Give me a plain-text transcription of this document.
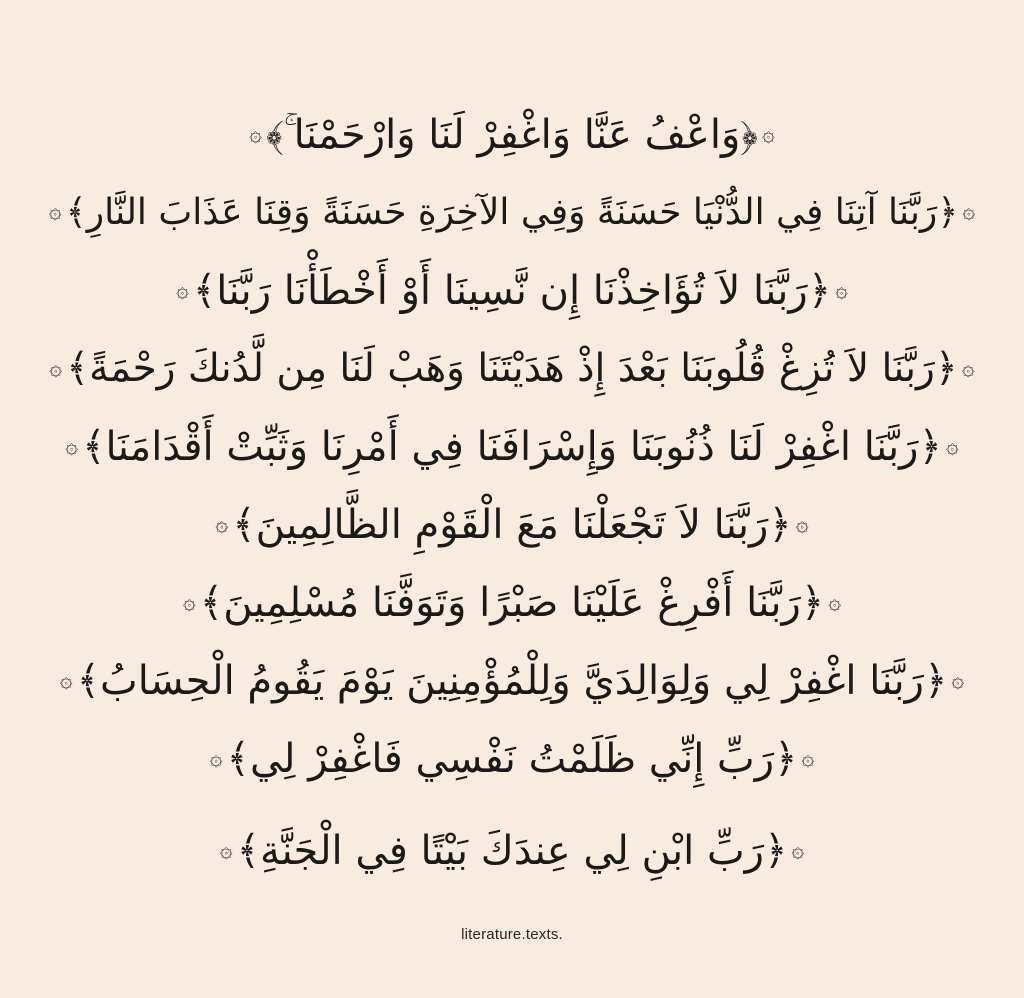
۞﴿وَاعْفُ عَنَّا وَاغْفِرْ لَنَا وَارْحَمْنَا ۚ﴾۞
۞﴿رَبَّنَا آتِنَا فِي الدُّنْيَا حَسَنَةً وَفِي الآخِرَةِ حَسَنَةً وَقِنَا عَذَابَ النَّارِ﴾۞
۞﴿رَبَّنَا لاَ تُؤَاخِذْنَا إِن نَّسِينَا أَوْ أَخْطَأْنَا رَبَّنَا﴾۞
۞﴿رَبَّنَا لاَ تُزِغْ قُلُوبَنَا بَعْدَ إِذْ هَدَيْتَنَا وَهَبْ لَنَا مِن لَّدُنكَ رَحْمَةً﴾۞
۞﴿رَبَّنَا اغْفِرْ لَنَا ذُنُوبَنَا وَإِسْرَافَنَا فِي أَمْرِنَا وَثَبِّتْ أَقْدَامَنَا﴾۞
۞﴿رَبَّنَا لاَ تَجْعَلْنَا مَعَ الْقَوْمِ الظَّالِمِينَ﴾۞
۞﴿رَبَّنَا أَفْرِغْ عَلَيْنَا صَبْرًا وَتَوَفَّنَا مُسْلِمِينَ﴾۞
۞﴿رَبَّنَا اغْفِرْ لِي وَلِوَالِدَيَّ وَلِلْمُؤْمِنِينَ يَوْمَ يَقُومُ الْحِسَابُ﴾۞
۞﴿رَبِّ إِنِّي ظَلَمْتُ نَفْسِي فَاغْفِرْ لِي﴾۞
۞﴿رَبِّ ابْنِ لِي عِندَكَ بَيْتًا فِي الْجَنَّةِ﴾۞
literature.texts.
